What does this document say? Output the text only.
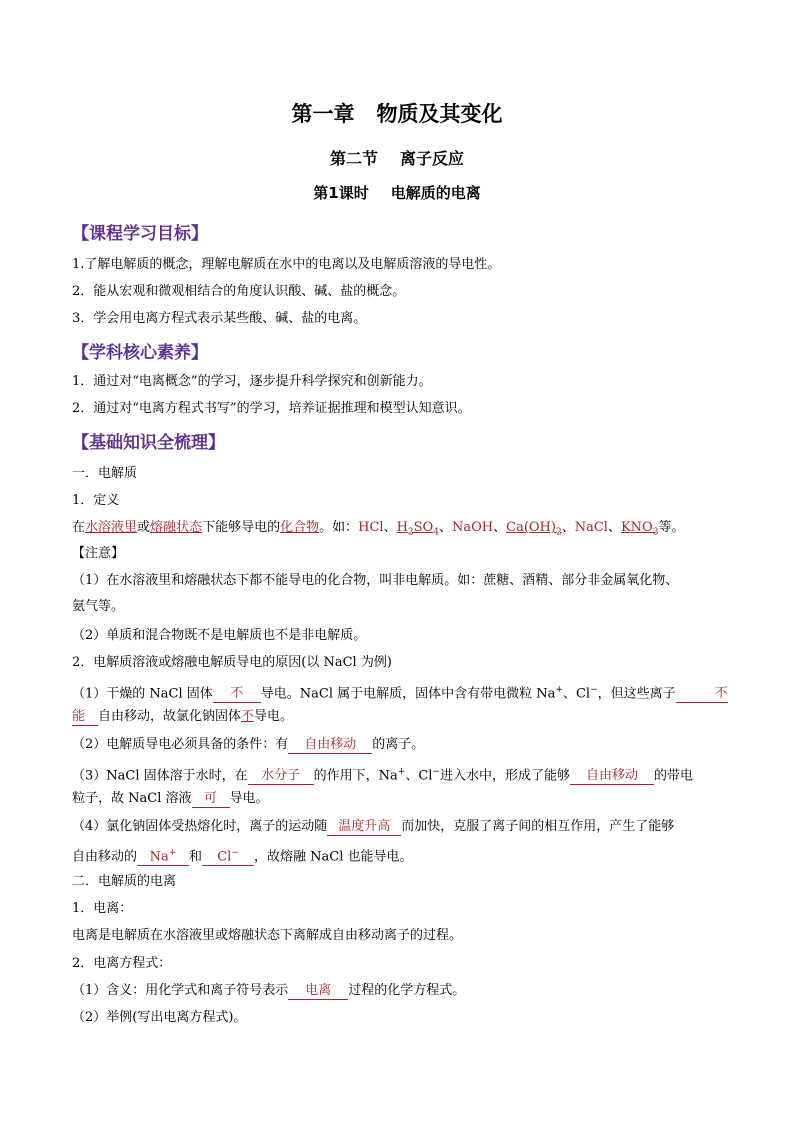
第一章 物质及其变化
第二节 离子反应
第1课时 电解质的电离
【课程学习目标】
1.了解电解质的概念，理解电解质在水中的电离以及电解质溶液的导电性。
2．能从宏观和微观相结合的角度认识酸、碱、盐的概念。
3．学会用电离方程式表示某些酸、碱、盐的电离。
【学科核心素养】
1．通过对“电离概念”的学习，逐步提升科学探究和创新能力。
2．通过对“电离方程式书写”的学习，培养证据推理和模型认知意识。
【基础知识全梳理】
一．电解质
1．定义
在水溶液里或熔融状态下能够导电的化合物。如：HCl、$H_2SO_4$、NaOH、$Ca(OH)_2$、NaCl、$KNO_3$等。
【注意】
（1）在水溶液里和熔融状态下都不能导电的化合物，叫非电解质。如：蔗糖、酒精、部分非金属氧化物、
氨气等。
（2）单质和混合物既不是电解质也不是非电解质。
2．电解质溶液或熔融电解质导电的原因(以 NaCl 为例)
（1）干燥的 NaCl 固体 不 导电。NaCl 属于电解质，固体中含有带电微粒 Na+、Cl−，但这些离子	不
能 自由移动，故氯化钠固体不导电。
（2）电解质导电必须具备的条件：有 自由移动 的离子。
（3）NaCl 固体溶于水时，在 水分子 的作用下，Na+、Cl−进入水中，形成了能够 自由移动 的带电
粒子，故 NaCl 溶液 可 导电。
（4）氯化钠固体受热熔化时，离子的运动随 温度升高 而加快，克服了离子间的相互作用，产生了能够
自由移动的 Na+ 和 Cl− ，故熔融 NaCl 也能导电。
二．电解质的电离
1．电离：
电离是电解质在水溶液里或熔融状态下离解成自由移动离子的过程。
2．电离方程式：
（1）含义：用化学式和离子符号表示 电离 过程的化学方程式。
（2）举例(写出电离方程式)。
